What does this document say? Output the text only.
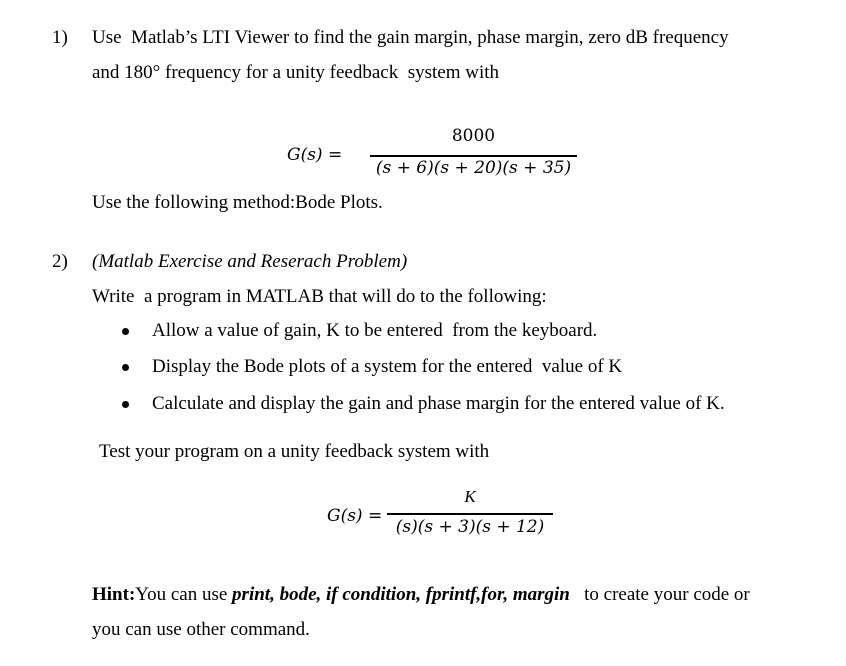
1) Use  Matlab’s LTI Viewer to find the gain margin, phase margin, zero dB frequency
and 180° frequency for a unity feedback  system with
G(s) =
8000
(s + 6)(s + 20)(s + 35)
Use the following method:Bode Plots.
2) (Matlab Exercise and Reserach Problem)
Write  a program in MATLAB that will do to the following:
Allow a value of gain, K to be entered  from the keyboard.
Display the Bode plots of a system for the entered  value of K
Calculate and display the gain and phase margin for the entered value of K.
Test your program on a unity feedback system with
G(s) =
K
(s)(s + 3)(s + 12)
Hint:You can use print, bode, if condition, fprintf,for, margin   to create your code or
you can use other command.
